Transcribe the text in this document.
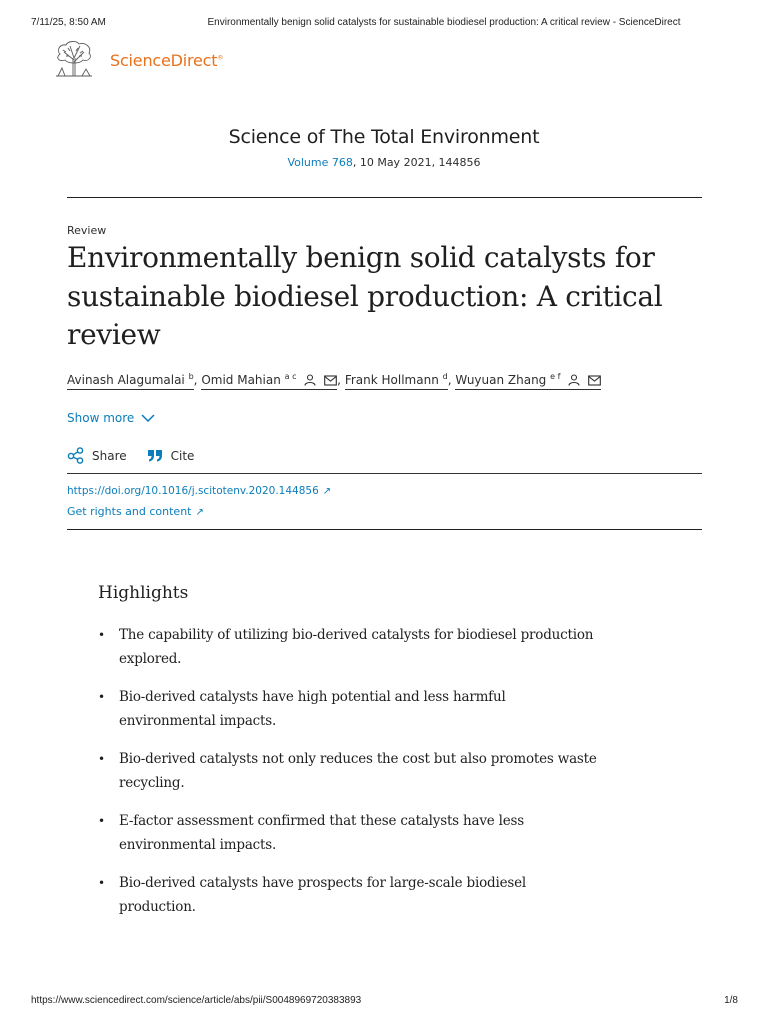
7/11/25, 8:50 AM	Environmentally benign solid catalysts for sustainable biodiesel production: A critical review - ScienceDirect
ScienceDirect®
Science of The Total Environment
Volume 768, 10 May 2021, 144856
Review
Environmentally benign solid catalysts for sustainable biodiesel production: A critical review
Avinash Alagumalai $^b$, Omid Mahian $^{a c}$	, Frank Hollmann $^d$, Wuyuan Zhang $^{e f}$
Show more
Share	Cite
https://doi.org/10.1016/j.scitotenv.2020.144856 ↗
Get rights and content ↗
Highlights
• The capability of utilizing bio-derived catalysts for biodiesel production explored.
• Bio-derived catalysts have high potential and less harmful environmental impacts.
• Bio-derived catalysts not only reduces the cost but also promotes waste recycling.
• E-factor assessment confirmed that these catalysts have less environmental impacts.
• Bio-derived catalysts have prospects for large-scale biodiesel production.
https://www.sciencedirect.com/science/article/abs/pii/S0048969720383893	1/8
